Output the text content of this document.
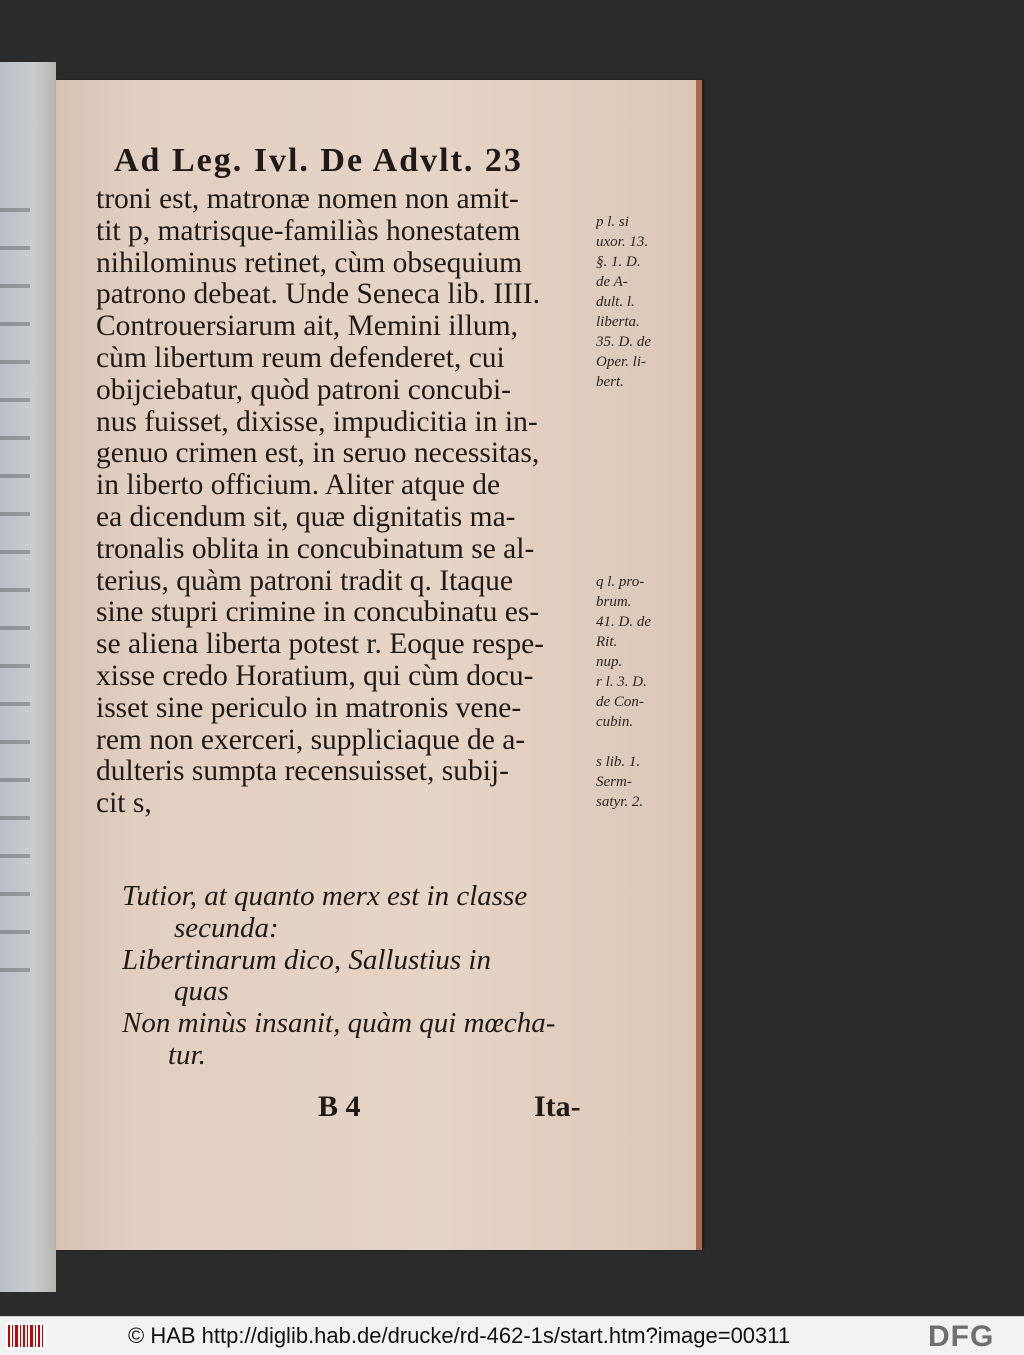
Ad Leg. Ivl. De Advlt. 23
troni est, matronæ nomen non amit-
tit p, matrisque-familiàs honestatem
nihilominus retinet, cùm obsequium
patrono debeat. Unde Seneca lib. IIII.
Controuersiarum ait, Memini illum,
cùm libertum reum defenderet, cui
obijciebatur, quòd patroni concubi-
nus fuisset, dixisse, impudicitia in in-
genuo crimen est, in seruo necessitas,
in liberto officium. Aliter atque de
ea dicendum sit, quæ dignitatis ma-
tronalis oblita in concubinatum se al-
terius, quàm patroni tradit q. Itaque
sine stupri crimine in concubinatu es-
se aliena liberta potest r. Eoque respe-
xisse credo Horatium, qui cùm docu-
isset sine periculo in matronis vene-
rem non exerceri, suppliciaque de a-
dulteris sumpta recensuisset, subij-
cit s,
Tutior, at quanto merx est in classe
secunda:
Libertinarum dico, Sallustius in
quas
Non minùs insanit, quàm qui mœcha-
tur.
p l. si
uxor. 13.
§. 1. D.
de A-
dult. l.
liberta.
35. D. de
Oper. li-
bert.
q l. pro-
brum.
41. D. de
Rit.
nup.
r l. 3. D.
de Con-
cubin.
s lib. 1.
Serm-
satyr. 2.
B 4	Ita-
© HAB http://diglib.hab.de/drucke/rd-462-1s/start.htm?image=00311	DFG
